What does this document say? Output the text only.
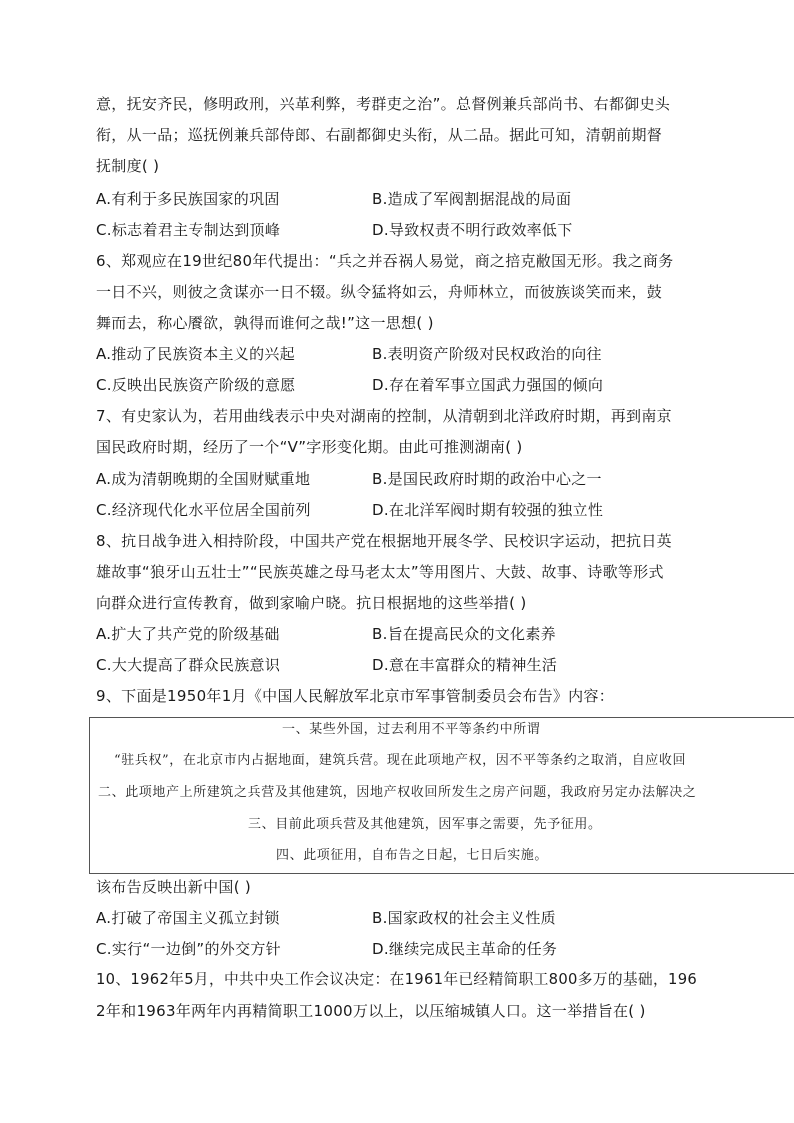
意，抚安齐民，修明政刑，兴革利弊，考群吏之治”。总督例兼兵部尚书、右都御史头
衔，从一品；巡抚例兼兵部侍郎、右副都御史头衔，从二品。据此可知，清朝前期督
抚制度( )
A.有利于多民族国家的巩固	B.造成了军阀割据混战的局面
C.标志着君主专制达到顶峰	D.导致权责不明行政效率低下
6、郑观应在19世纪80年代提出：“兵之并吞祸人易觉，商之掊克敝国无形。我之商务
一日不兴，则彼之贪谋亦一日不辍。纵令猛将如云，舟师林立，而彼族谈笑而来，鼓
舞而去，称心餍欲，孰得而谁何之哉!”这一思想( )
A.推动了民族资本主义的兴起	B.表明资产阶级对民权政治的向往
C.反映出民族资产阶级的意愿	D.存在着军事立国武力强国的倾向
7、有史家认为，若用曲线表示中央对湖南的控制，从清朝到北洋政府时期，再到南京
国民政府时期，经历了一个“V”字形变化期。由此可推测湖南( )
A.成为清朝晚期的全国财赋重地	B.是国民政府时期的政治中心之一
C.经济现代化水平位居全国前列	D.在北洋军阀时期有较强的独立性
8、抗日战争进入相持阶段，中国共产党在根据地开展冬学、民校识字运动，把抗日英
雄故事“狼牙山五壮士”“民族英雄之母马老太太”等用图片、大鼓、故事、诗歌等形式
向群众进行宣传教育，做到家喻户晓。抗日根据地的这些举措( )
A.扩大了共产党的阶级基础	B.旨在提高民众的文化素养
C.大大提高了群众民族意识	D.意在丰富群众的精神生活
9、下面是1950年1月《中国人民解放军北京市军事管制委员会布告》内容：
一、某些外国，过去利用不平等条约中所谓
“驻兵权”，在北京市内占据地面，建筑兵营。现在此项地产权，因不平等条约之取消，自应收回
二、此项地产上所建筑之兵营及其他建筑，因地产权收回所发生之房产问题，我政府另定办法解决之
三、目前此项兵营及其他建筑，因军事之需要，先予征用。
四、此项征用，自布告之日起，七日后实施。
该布告反映出新中国( )
A.打破了帝国主义孤立封锁	B.国家政权的社会主义性质
C.实行“一边倒”的外交方针	D.继续完成民主革命的任务
10、1962年5月，中共中央工作会议决定：在1961年已经精简职工800多万的基础，196
2年和1963年两年内再精简职工1000万以上，以压缩城镇人口。这一举措旨在( )
